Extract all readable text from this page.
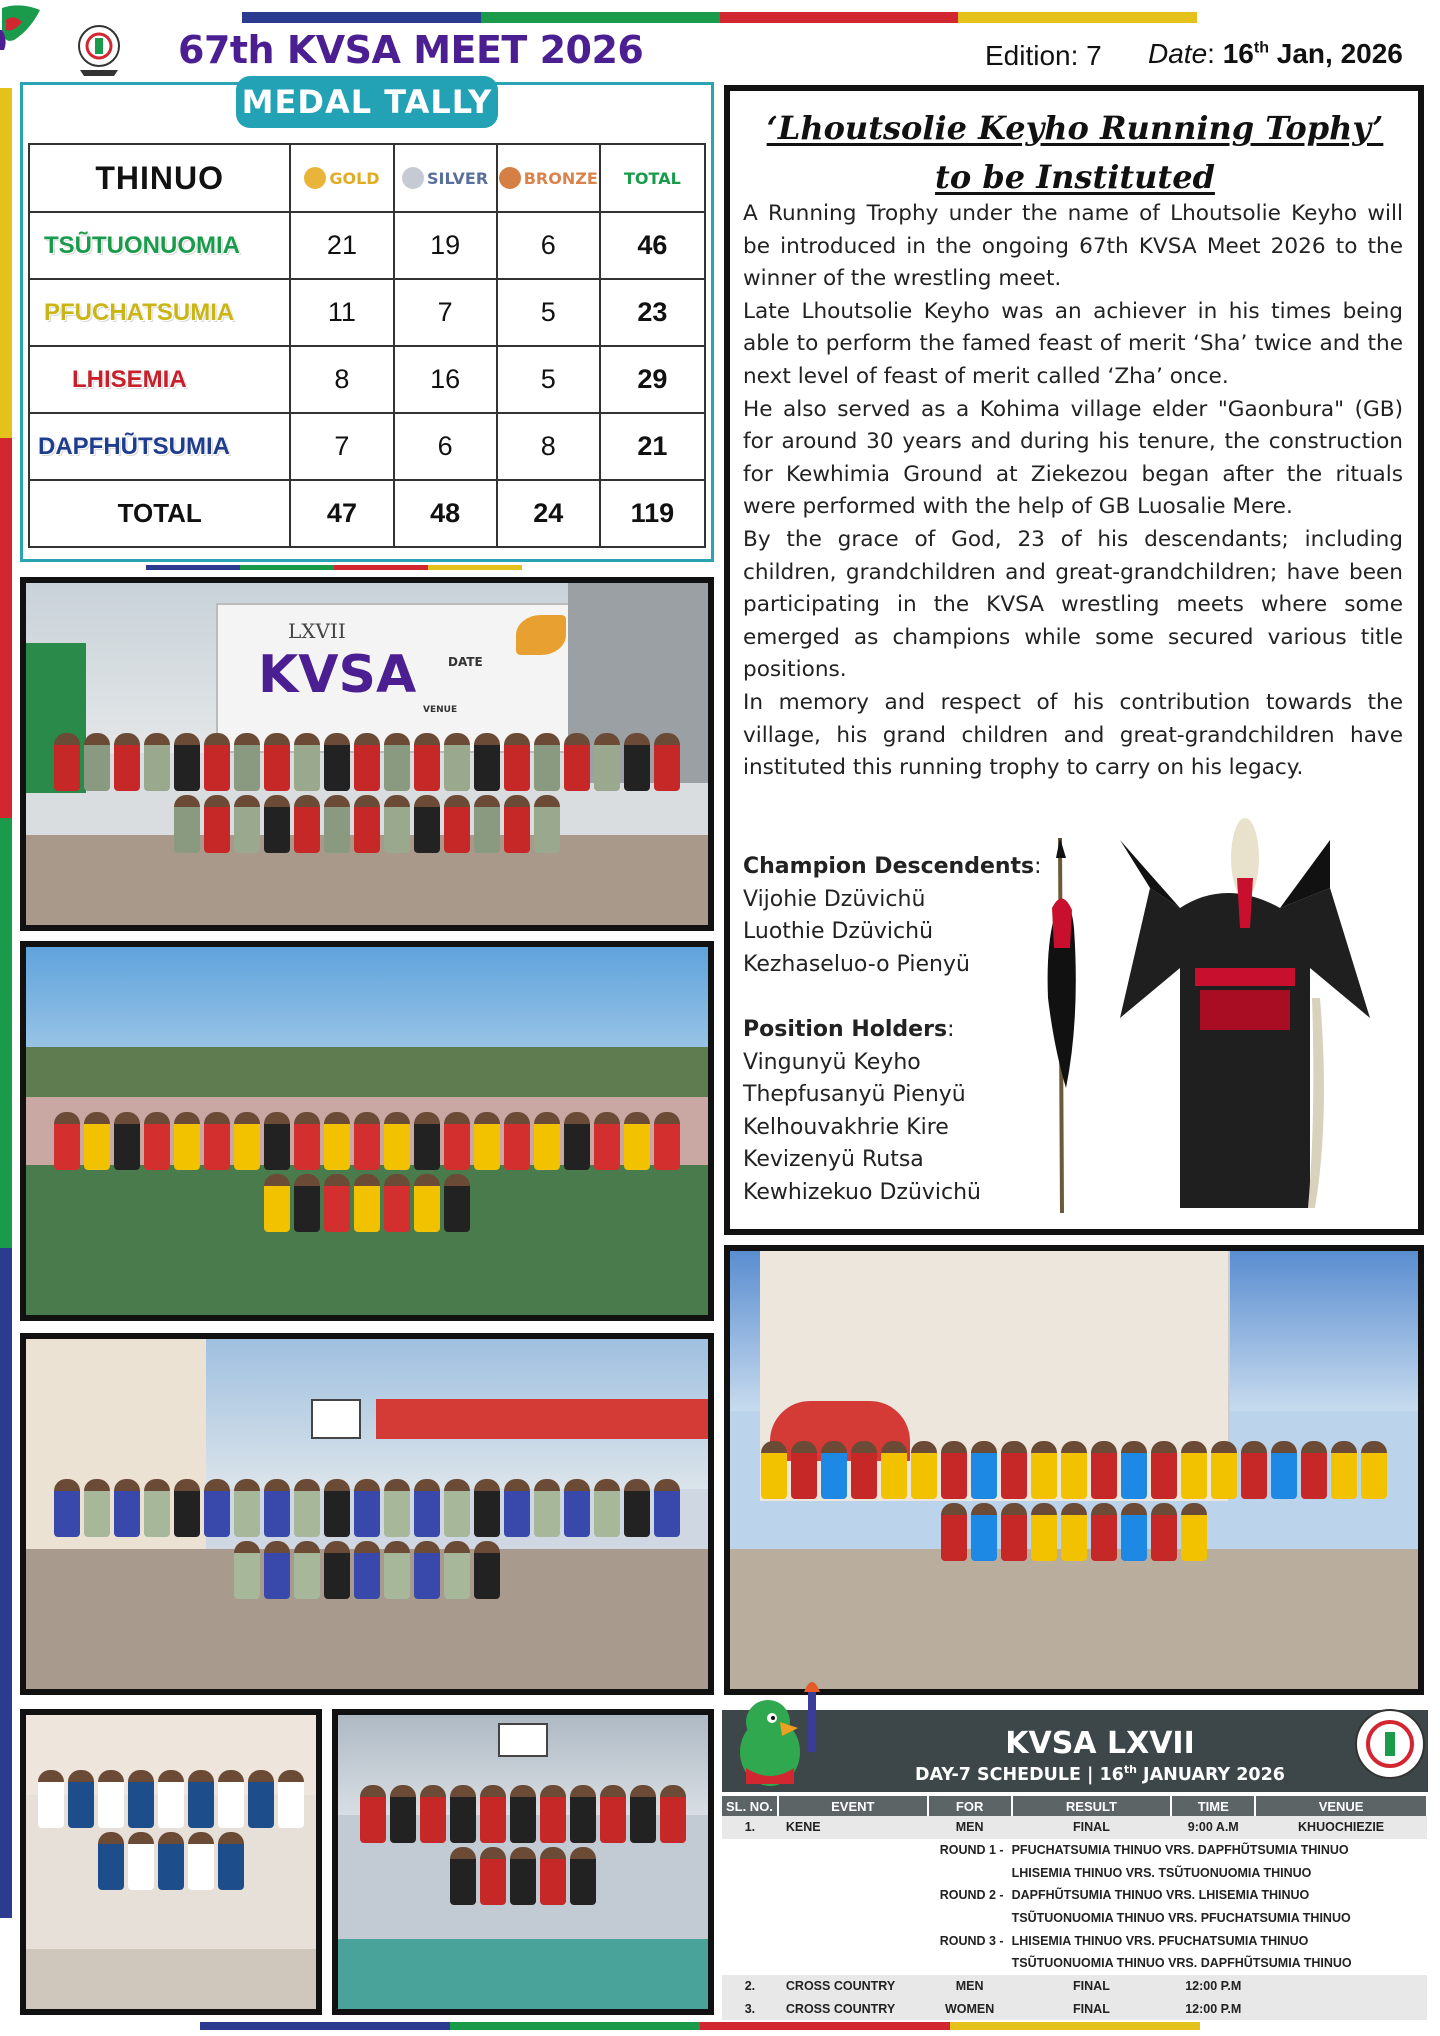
67th KVSA MEET 2026	Edition: 7 Date: 16th Jan, 2026
MEDAL TALLY
THINUO	GOLD	SILVER	BRONZE	TOTAL

TSŨTUONUOMIA	21	19	6	46
PFUCHATSUMIA	11	7	5	23
LHISEMIA	8	16	5	29
DAPFHŨTSUMIA	7	6	8	21
TOTAL	47	48	24	119
LXVII
KVSA	DATE
VENUE
‘Lhoutsolie Keyho Running Tophy’
to be Instituted

A Running Trophy under the name of Lhoutsolie Keyho will be introduced in the ongoing 67th KVSA Meet 2026 to the winner of the wrestling meet.

Late Lhoutsolie Keyho was an achiever in his times being able to perform the famed feast of merit ‘Sha’ twice and the next level of feast of merit called ‘Zha’ once.

He also served as a Kohima village elder "Gaonbura" (GB) for around 30 years and during his tenure, the construction for Kewhimia Ground at Ziekezou began after the rituals were performed with the help of GB Luosalie Mere.

By the grace of God, 23 of his descendants; including children, grandchildren and great-grandchildren; have been participating in the KVSA wrestling meets where some emerged as champions while some secured various title positions.

In memory and respect of his contribution towards the village, his grand children and great-grandchildren have instituted this running trophy to carry on his legacy.

Champion Descendents:
Vijohie Dzüvichü
Luothie Dzüvichü
Kezhaseluo-o Pienyü
Position Holders:
Vingunyü Keyho
Thepfusanyü Pienyü
Kelhouvakhrie Kire
Kevizenyü Rutsa
Kewhizekuo Dzüvichü
KVSA LXVII
DAY-7 SCHEDULE | 16th JANUARY 2026
SL. NO.	EVENT	FOR	RESULT	TIME	VENUE
1.	KENE	MEN	FINAL	9:00 A.M	KHUOCHIEZIE
ROUND 1 -			PFUCHATSUMIA THINUO VRS. DAPFHŨTSUMIA THINUO		
			LHISEMIA THINUO VRS. TSŨTUONUOMIA THINUO		
ROUND 2 -			DAPFHŨTSUMIA THINUO VRS. LHISEMIA THINUO		
			TSŨTUONUOMIA THINUO VRS. PFUCHATSUMIA THINUO		
ROUND 3 -			LHISEMIA THINUO VRS. PFUCHATSUMIA THINUO		
			TSŨTUONUOMIA THINUO VRS. DAPFHŨTSUMIA THINUO		
2.	CROSS COUNTRY	MEN	FINAL	12:00 P.M	
3.	CROSS COUNTRY	WOMEN	FINAL	12:00 P.M	
